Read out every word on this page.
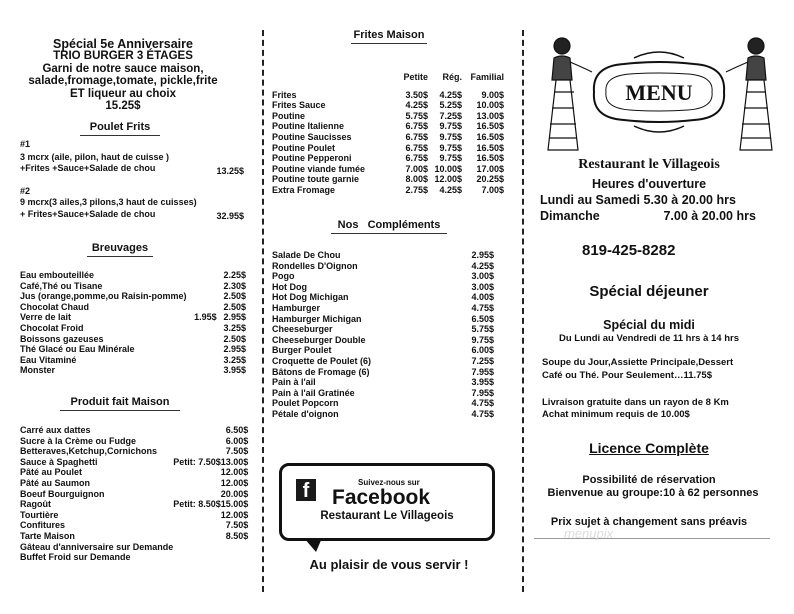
Spécial 5e Anniversaire
TRIO BURGER 3 ÉTAGES
Garni de notre sauce maison,
salade,fromage,tomate, pickle,frite
ET liqueur au choix
15.25$
Poulet Frits
#1
3 mcrx (aile, pilon, haut de cuisse )
+Frites +Sauce+Salade de chou	13.25$
#2
9 mcrx(3 ailes,3 pilons,3 haut de cuisses)
+ Frites+Sauce+Salade de chou	32.95$
Breuvages
Eau embouteillée		2.25$
Café,Thé ou Tisane		2.30$
Jus (orange,pomme,ou Raisin-pomme)		2.50$
Chocolat Chaud		2.50$
Verre de lait	1.95$	2.95$
Chocolat Froid		3.25$
Boissons gazeuses		2.50$
Thé Glacé ou Eau Minérale		2.95$
Eau Vitaminé		3.25$
Monster		3.95$
Produit fait Maison
Carré aux dattes		6.50$
Sucre à la Crème ou Fudge		6.00$
Betteraves,Ketchup,Cornichons		7.50$
Sauce à Spaghetti	Petit: 7.50$	13.00$
Pâté au Poulet		12.00$
Pâté au Saumon		12.00$
Boeuf Bourguignon		20.00$
Ragoût	Petit: 8.50$	15.00$
Tourtière		12.00$
Confitures		7.50$
Tarte Maison		8.50$
Gâteau d'anniversaire sur Demande		
Buffet Froid sur Demande		
Frites Maison
	Petite	Rég.	Familial

Frites	3.50$	4.25$	9.00$
Frites Sauce	4.25$	5.25$	10.00$
Poutine	5.75$	7.25$	13.00$
Poutine Italienne	6.75$	9.75$	16.50$
Poutine Saucisses	6.75$	9.75$	16.50$
Poutine Poulet	6.75$	9.75$	16.50$
Poutine Pepperoni	6.75$	9.75$	16.50$
Poutine viande fumée	7.00$	10.00$	17.00$
Poutine toute garnie	8.00$	12.00$	20.25$
Extra Fromage	2.75$	4.25$	7.00$
Nos   Compléments
Salade De Chou	2.95$
Rondelles D'Oignon	4.25$
Pogo	3.00$
Hot Dog	3.00$
Hot Dog Michigan	4.00$
Hamburger	4.75$
Hamburger Michigan	6.50$
Cheeseburger	5.75$
Cheeseburger Double	9.75$
Burger Poulet	6.00$
Croquette de Poulet (6)	7.25$
Bâtons de Fromage (6)	7.95$
Pain à l'ail	3.95$
Pain à l'ail Gratinée	7.95$
Poulet Popcorn	4.75$
Pétale d'oignon	4.75$
f	Suivez-nous sur
Facebook
Restaurant Le Villageois
Au plaisir de vous servir !
MENU
Restaurant le Villageois
Heures d'ouverture
Lundi au Samedi 5.30 à 20.00 hrs
Dimanche	7.00 à 20.00 hrs
819-425-8282
Spécial déjeuner
Spécial du midi
Du Lundi au Vendredi de 11 hrs à 14 hrs
Soupe du Jour,Assiette Principale,Dessert
Café ou Thé. Pour Seulement…11.75$
Livraison gratuite dans un rayon de 8 Km
Achat minimum requis de 10.00$
Licence Complète
Possibilité de réservation
Bienvenue au groupe:10 à 62 personnes
Prix sujet à changement sans préavis
menupix
